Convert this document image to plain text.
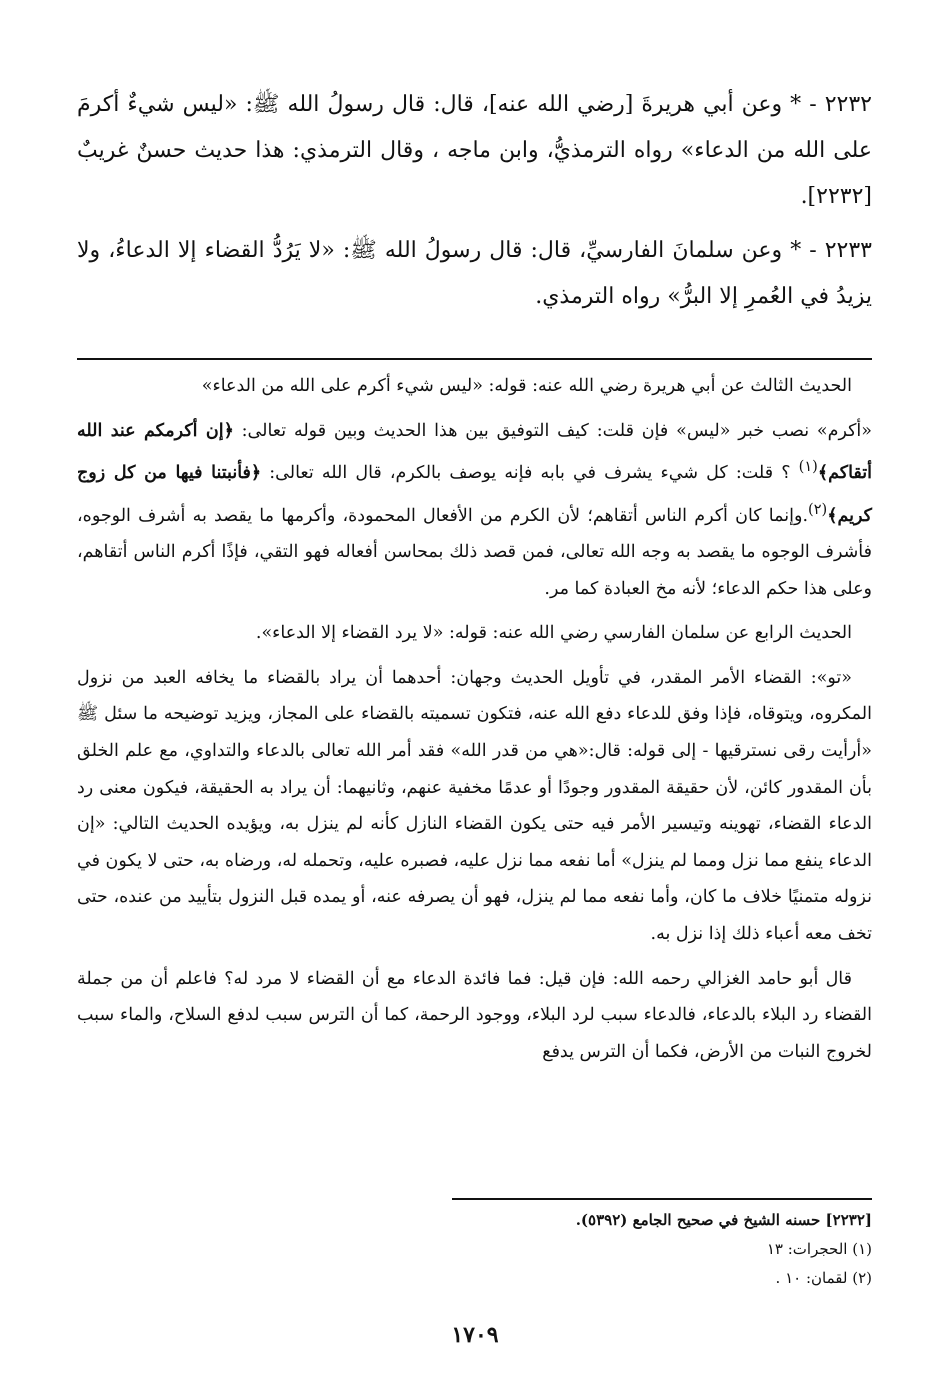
٢٢٣٢ - * وعن أبي هريرةَ [رضي الله عنه]، قال: قال رسولُ الله ﷺ: «ليس شيءٌ أكرمَ على الله من الدعاء» رواه الترمذيُّ، وابن ماجه ، وقال الترمذي: هذا حديث حسنٌ غريبٌ [٢٢٣٢].

٢٢٣٣ - * وعن سلمانَ الفارسيِّ، قال: قال رسولُ الله ﷺ: «لا يَرُدُّ القضاء إلا الدعاءُ، ولا يزيدُ في العُمرِ إلا البرُّ» رواه الترمذي.

الحديث الثالث عن أبي هريرة رضي الله عنه: قوله: «ليس شيء أكرم على الله من الدعاء»

«أكرم» نصب خبر «ليس» فإن قلت: كيف التوفيق بين هذا الحديث وبين قوله تعالى: ﴿إن أكرمكم عند الله أتقاكم﴾$^{(١)}$ ؟ قلت: كل شيء يشرف في بابه فإنه يوصف بالكرم، قال الله تعالى: ﴿فأنبتنا فيها من كل زوج كريم﴾$^{(٢)}$.وإنما كان أكرم الناس أتقاهم؛ لأن الكرم من الأفعال المحمودة، وأكرمها ما يقصد به أشرف الوجوه، فأشرف الوجوه ما يقصد به وجه الله تعالى، فمن قصد ذلك بمحاسن أفعاله فهو التقي، فإذًا أكرم الناس أتقاهم، وعلى هذا حكم الدعاء؛ لأنه مخ العبادة كما مر.

الحديث الرابع عن سلمان الفارسي رضي الله عنه: قوله: «لا يرد القضاء إلا الدعاء».

«تو»: القضاء الأمر المقدر، في تأويل الحديث وجهان: أحدهما أن يراد بالقضاء ما يخافه العبد من نزول المكروه، ويتوقاه، فإذا وفق للدعاء دفع الله عنه، فتكون تسميته بالقضاء على المجاز، ويزيد توضيحه ما سئل ﷺ «أرأيت رقى نسترقيها - إلى قوله: قال:«هي من قدر الله» فقد أمر الله تعالى بالدعاء والتداوي، مع علم الخلق بأن المقدور كائن، لأن حقيقة المقدور وجودًا أو عدمًا مخفية عنهم، وثانيهما: أن يراد به الحقيقة، فيكون معنى رد الدعاء القضاء، تهوينه وتيسير الأمر فيه حتى يكون القضاء النازل كأنه لم ينزل به، ويؤيده الحديث التالي: «إن الدعاء ينفع مما نزل ومما لم ينزل» أما نفعه مما نزل عليه، فصبره عليه، وتحمله له، ورضاه به، حتى لا يكون في نزوله متمنيًا خلاف ما كان، وأما نفعه مما لم ينزل، فهو أن يصرفه عنه، أو يمده قبل النزول بتأييد من عنده، حتى تخف معه أعباء ذلك إذا نزل به.

قال أبو حامد الغزالي رحمه الله: فإن قيل: فما فائدة الدعاء مع أن القضاء لا مرد له؟ فاعلم أن من جملة القضاء رد البلاء بالدعاء، فالدعاء سبب لرد البلاء، ووجود الرحمة، كما أن الترس سبب لدفع السلاح، والماء سبب لخروج النبات من الأرض، فكما أن الترس يدفع

[٢٢٣٢] حسنه الشيخ في صحيح الجامع (٥٣٩٢).
(١) الحجرات: ١٣
(٢) لقمان: ١٠ .
١٧٠٩
